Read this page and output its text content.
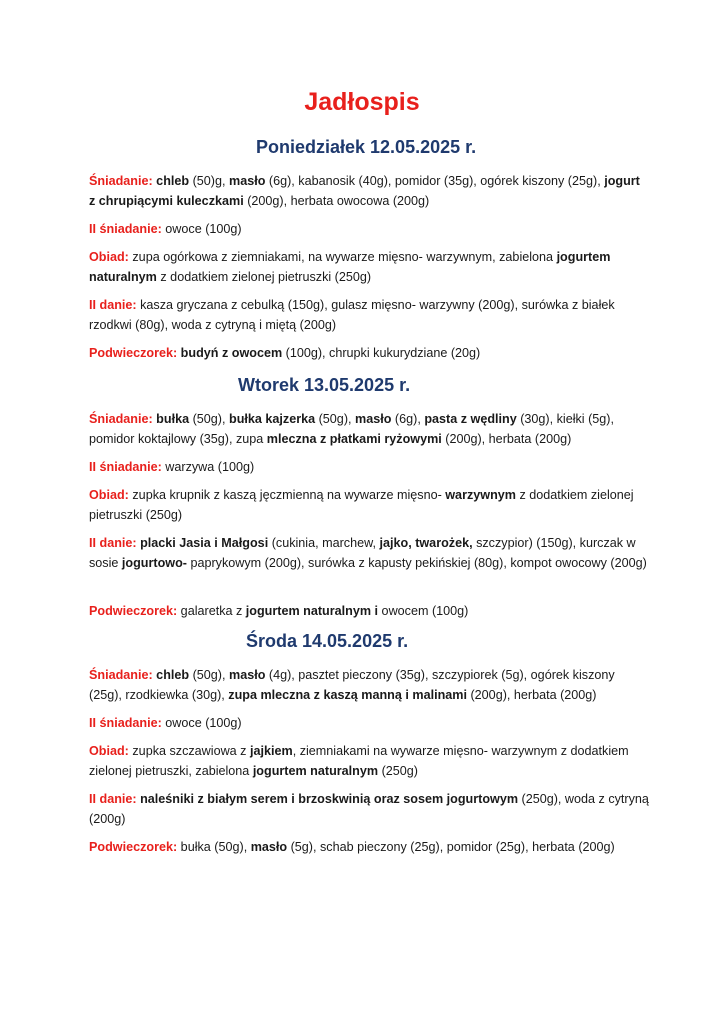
Jadłospis
Poniedziałek 12.05.2025 r.

Śniadanie: chleb (50)g, masło (6g), kabanosik (40g), pomidor (35g), ogórek kiszony (25g), jogurt z chrupiącymi kuleczkami (200g), herbata owocowa (200g)

II śniadanie: owoce (100g)

Obiad: zupa ogórkowa z ziemniakami, na wywarze mięsno- warzywnym, zabielona jogurtem naturalnym z dodatkiem zielonej pietruszki (250g)

II danie: kasza gryczana z cebulką (150g), gulasz mięsno- warzywny (200g), surówka z białek rzodkwi (80g), woda z cytryną i miętą (200g)

Podwieczorek: budyń z owocem (100g), chrupki kukurydziane (20g)

Wtorek 13.05.2025 r.

Śniadanie: bułka (50g), bułka kajzerka (50g), masło (6g), pasta z wędliny (30g), kiełki (5g), pomidor koktajlowy (35g), zupa mleczna z płatkami ryżowymi (200g), herbata (200g)

II śniadanie: warzywa (100g)

Obiad: zupka krupnik z kaszą jęczmienną na wywarze mięsno- warzywnym z dodatkiem zielonej pietruszki (250g)

II danie: placki Jasia i Małgosi (cukinia, marchew, jajko, twarożek, szczypior) (150g), kurczak w sosie jogurtowo- paprykowym (200g), surówka z kapusty pekińskiej (80g), kompot owocowy (200g)

Podwieczorek: galaretka z jogurtem naturalnym i owocem (100g)

Środa 14.05.2025 r.

Śniadanie: chleb (50g), masło (4g), pasztet pieczony (35g), szczypiorek (5g), ogórek kiszony (25g), rzodkiewka (30g), zupa mleczna z kaszą manną i malinami (200g), herbata (200g)

II śniadanie: owoce (100g)

Obiad: zupka szczawiowa z jajkiem, ziemniakami na wywarze mięsno- warzywnym z dodatkiem zielonej pietruszki, zabielona jogurtem naturalnym (250g)

II danie: naleśniki z białym serem i brzoskwinią oraz sosem jogurtowym (250g), woda z cytryną (200g)

Podwieczorek: bułka (50g), masło (5g), schab pieczony (25g), pomidor (25g), herbata (200g)
